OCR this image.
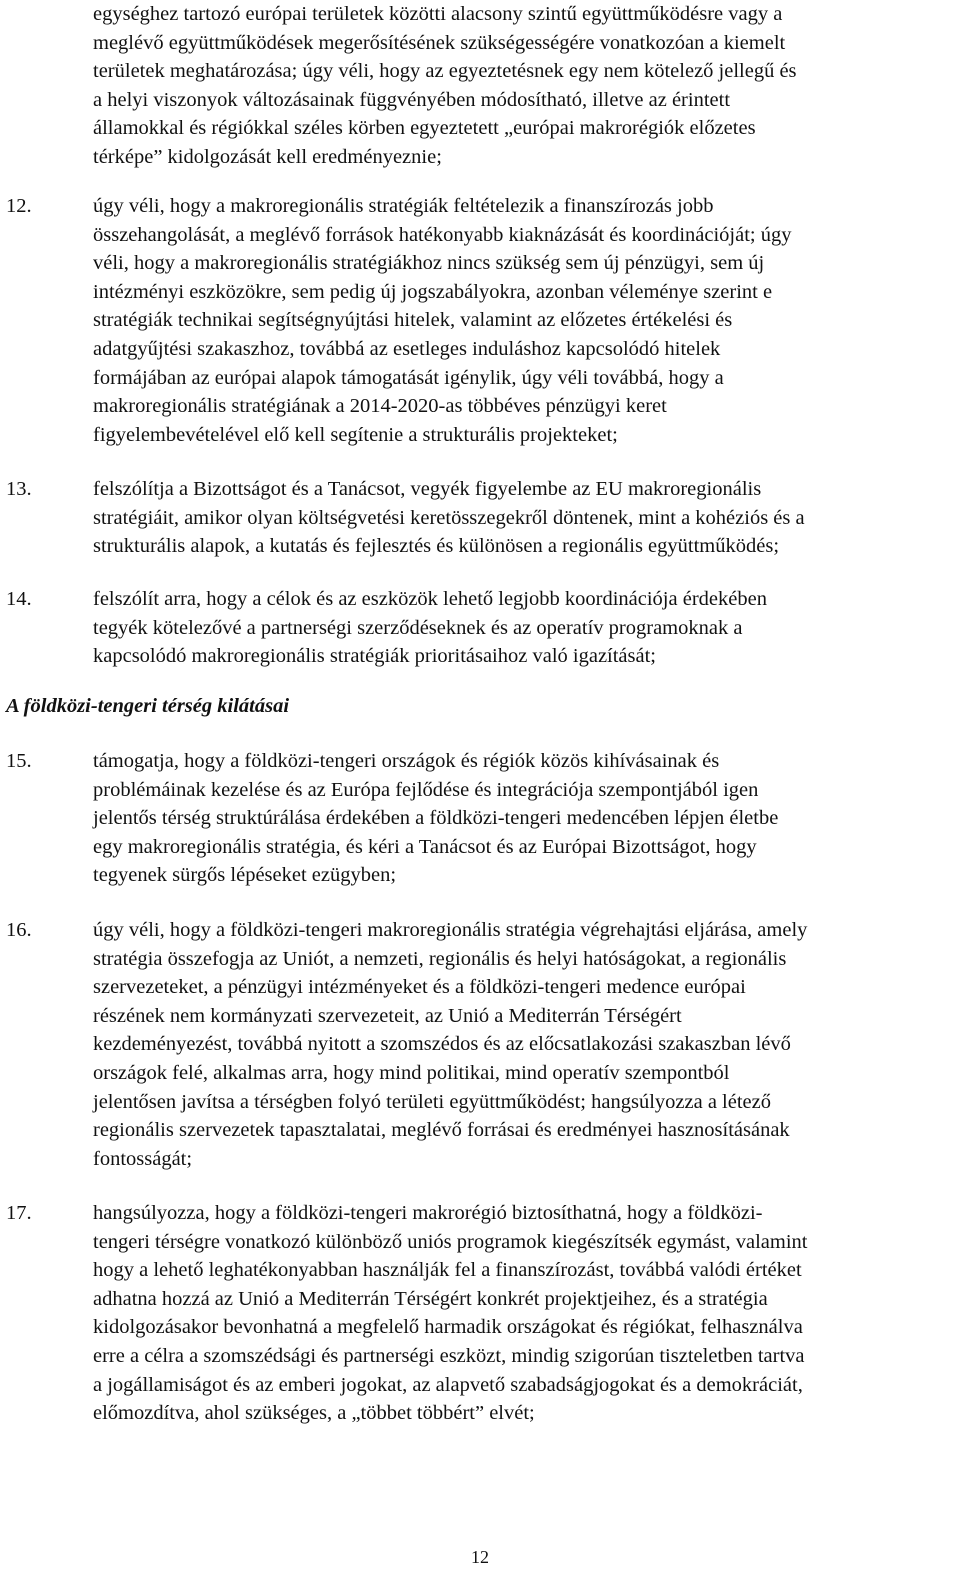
egységhez tartozó európai területek közötti alacsony szintű együttműködésre vagy a
meglévő együttműködések megerősítésének szükségességére vonatkozóan a kiemelt
területek meghatározása; úgy véli, hogy az egyeztetésnek egy nem kötelező jellegű és
a helyi viszonyok változásainak függvényében módosítható, illetve az érintett
államokkal és régiókkal széles körben egyeztetett „európai makrorégiók előzetes
térképe” kidolgozását kell eredményeznie;
12.	úgy véli, hogy a makroregionális stratégiák feltételezik a finanszírozás jobb
összehangolását, a meglévő források hatékonyabb kiaknázását és koordinációját; úgy
véli, hogy a makroregionális stratégiákhoz nincs szükség sem új pénzügyi, sem új
intézményi eszközökre, sem pedig új jogszabályokra, azonban véleménye szerint e
stratégiák technikai segítségnyújtási hitelek, valamint az előzetes értékelési és
adatgyűjtési szakaszhoz, továbbá az esetleges induláshoz kapcsolódó hitelek
formájában az európai alapok támogatását igénylik, úgy véli továbbá, hogy a
makroregionális stratégiának a 2014-2020-as többéves pénzügyi keret
figyelembevételével elő kell segítenie a strukturális projekteket;
13.	felszólítja a Bizottságot és a Tanácsot, vegyék figyelembe az EU makroregionális
stratégiáit, amikor olyan költségvetési keretösszegekről döntenek, mint a kohéziós és a
strukturális alapok, a kutatás és fejlesztés és különösen a regionális együttműködés;
14.	felszólít arra, hogy a célok és az eszközök lehető legjobb koordinációja érdekében
tegyék kötelezővé a partnerségi szerződéseknek és az operatív programoknak a
kapcsolódó makroregionális stratégiák prioritásaihoz való igazítását;
A földközi-tengeri térség kilátásai
15.	támogatja, hogy a földközi-tengeri országok és régiók közös kihívásainak és
problémáinak kezelése és az Európa fejlődése és integrációja szempontjából igen
jelentős térség struktúrálása érdekében a földközi-tengeri medencében lépjen életbe
egy makroregionális stratégia, és kéri a Tanácsot és az Európai Bizottságot, hogy
tegyenek sürgős lépéseket ezügyben;
16.	úgy véli, hogy a földközi-tengeri makroregionális stratégia végrehajtási eljárása, amely
stratégia összefogja az Uniót, a nemzeti, regionális és helyi hatóságokat, a regionális
szervezeteket, a pénzügyi intézményeket és a földközi-tengeri medence európai
részének nem kormányzati szervezeteit, az Unió a Mediterrán Térségért
kezdeményezést, továbbá nyitott a szomszédos és az előcsatlakozási szakaszban lévő
országok felé, alkalmas arra, hogy mind politikai, mind operatív szempontból
jelentősen javítsa a térségben folyó területi együttműködést; hangsúlyozza a létező
regionális szervezetek tapasztalatai, meglévő forrásai és eredményei hasznosításának
fontosságát;
17.	hangsúlyozza, hogy a földközi-tengeri makrorégió biztosíthatná, hogy a földközi-
tengeri térségre vonatkozó különböző uniós programok kiegészítsék egymást, valamint
hogy a lehető leghatékonyabban használják fel a finanszírozást, továbbá valódi értéket
adhatna hozzá az Unió a Mediterrán Térségért konkrét projektjeihez, és a stratégia
kidolgozásakor bevonhatná a megfelelő harmadik országokat és régiókat, felhasználva
erre a célra a szomszédsági és partnerségi eszközt, mindig szigorúan tiszteletben tartva
a jogállamiságot és az emberi jogokat, az alapvető szabadságjogokat és a demokráciát,
előmozdítva, ahol szükséges, a „többet többért” elvét;
12
